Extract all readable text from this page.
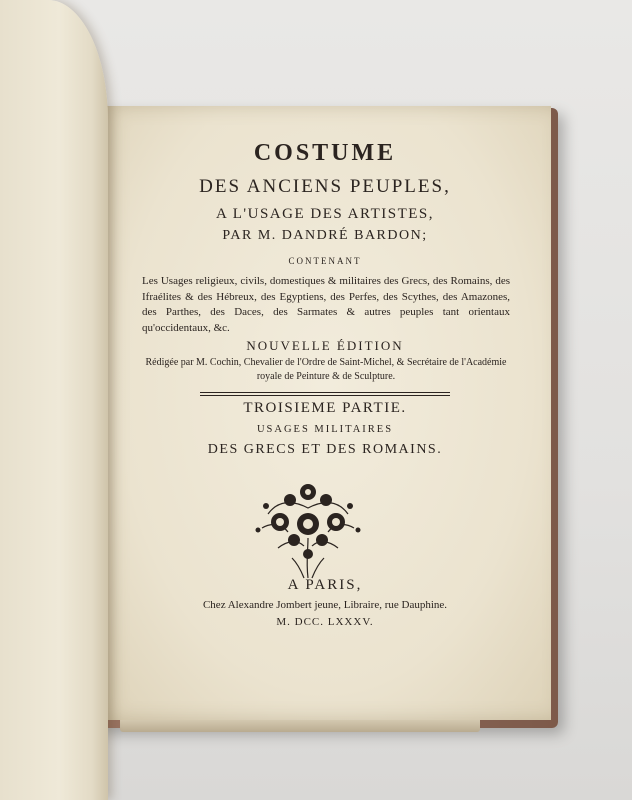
COSTUME
DES ANCIENS PEUPLES,
A L'USAGE DES ARTISTES,
PAR M. DANDRÉ BARDON;
CONTENANT
Les Usages religieux, civils, domestiques & militaires des Grecs, des Romains, des Ifraélites & des Hébreux, des Egyptiens, des Perfes, des Scythes, des Amazones, des Parthes, des Daces, des Sarmates & autres peuples tant orientaux qu'occidentaux, &c.
NOUVELLE ÉDITION
Rédigée par M. Cochin, Chevalier de l'Ordre de Saint-Michel, & Secrétaire de l'Académie royale de Peinture & de Sculpture.
TROISIEME PARTIE.
USAGES MILITAIRES
DES GRECS ET DES ROMAINS.
A PARIS,
Chez Alexandre Jombert jeune, Libraire, rue Dauphine.
M. DCC. LXXXV.
